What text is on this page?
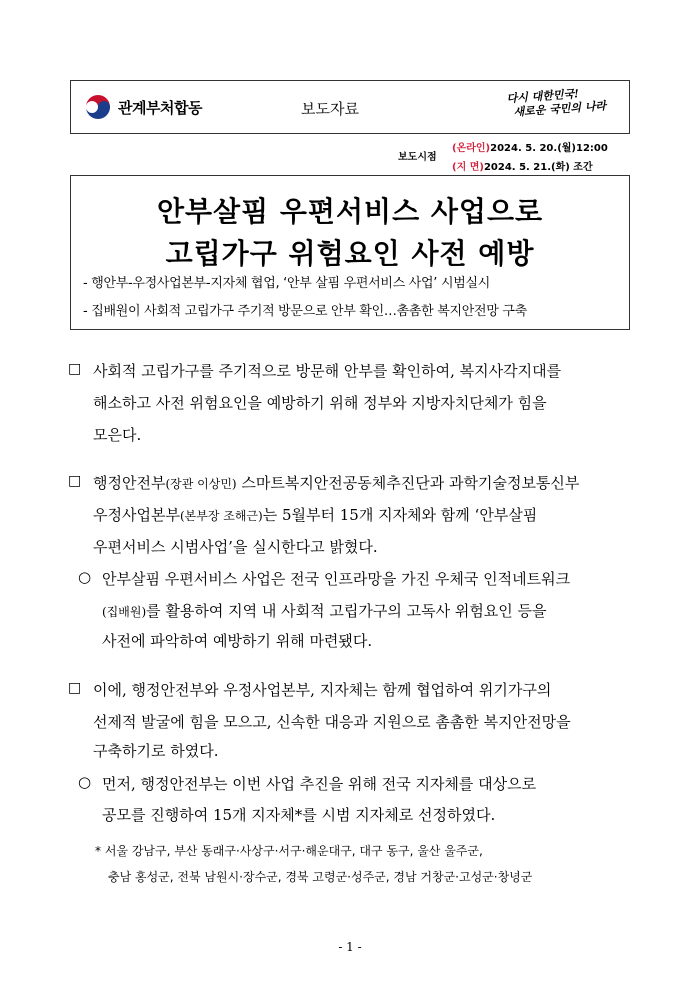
관계부처합동	보도자료
다시 대한민국!
새로운 국민의 나라
보도시점
(온라인)2024. 5. 20.(월)12:00
(지 면)2024. 5. 21.(화) 조간
안부살핌 우편서비스 사업으로
고립가구 위험요인 사전 예방
- 행안부-우정사업본부-지자체 협업, ‘안부 살핌 우편서비스 사업’ 시범실시
- 집배원이 사회적 고립가구 주기적 방문으로 안부 확인…촘촘한 복지안전망 구축
□ 사회적 고립가구를 주기적으로 방문해 안부를 확인하여, 복지사각지대를
해소하고 사전 위험요인을 예방하기 위해 정부와 지방자치단체가 힘을
모은다.
□ 행정안전부(장관 이상민) 스마트복지안전공동체추진단과 과학기술정보통신부
우정사업본부(본부장 조해근)는 5월부터 15개 지자체와 함께 ‘안부살핌
우편서비스 시범사업’을 실시한다고 밝혔다.
○ 안부살핌 우편서비스 사업은 전국 인프라망을 가진 우체국 인적네트워크
(집배원)를 활용하여 지역 내 사회적 고립가구의 고독사 위험요인 등을
사전에 파악하여 예방하기 위해 마련됐다.
□ 이에, 행정안전부와 우정사업본부, 지자체는 함께 협업하여 위기가구의
선제적 발굴에 힘을 모으고, 신속한 대응과 지원으로 촘촘한 복지안전망을
구축하기로 하였다.
○ 먼저, 행정안전부는 이번 사업 추진을 위해 전국 지자체를 대상으로
공모를 진행하여 15개 지자체*를 시범 지자체로 선정하였다.
* 서울 강남구, 부산 동래구·사상구·서구·해운대구, 대구 동구, 울산 울주군,
충남 홍성군, 전북 남원시·장수군, 경북 고령군·성주군, 경남 거창군·고성군·창녕군
- 1 -
